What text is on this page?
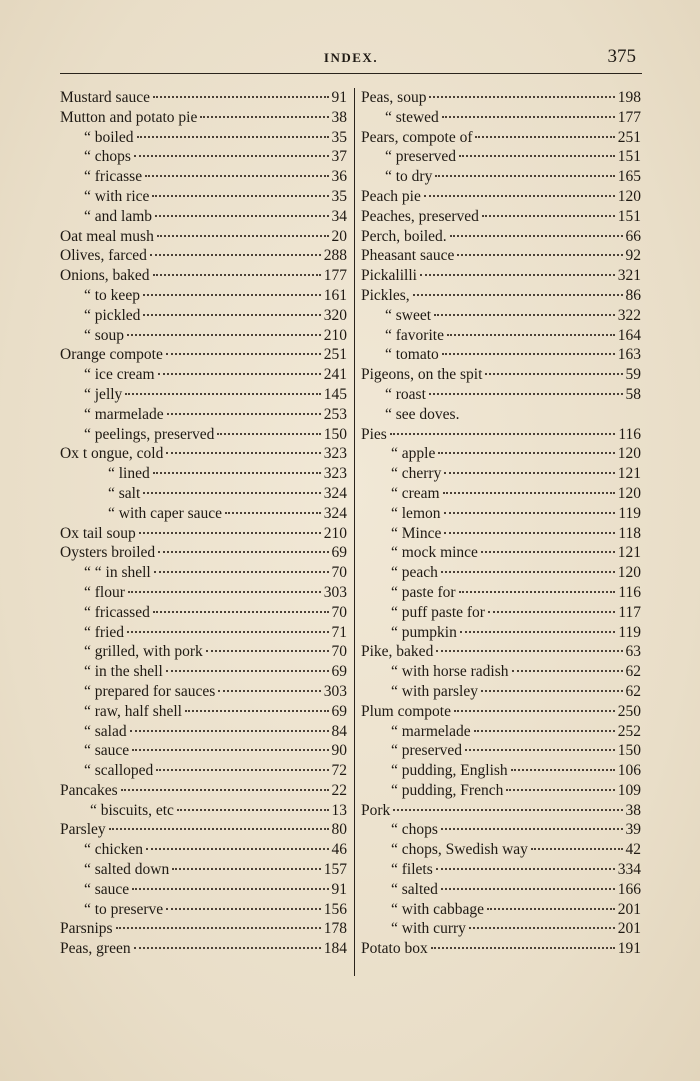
INDEX.	375
Mustard sauce	91
Mutton and potato pie	38
“ boiled	35
“ chops	37
“ fricasse	36
“ with rice	35
“ and lamb	34
Oat meal mush	20
Olives, farced	288
Onions, baked	177
“ to keep	161
“ pickled	320
“ soup	210
Orange compote	251
“ ice cream	241
“ jelly	145
“ marmelade	253
“ peelings, preserved	150
Ox t ongue, cold	323
“ lined	323
“ salt	324
“ with caper sauce	324
Ox tail soup	210
Oysters broiled	69
“ “ in shell	70
“ flour	303
“ fricassed	70
“ fried	71
“ grilled, with pork	70
“ in the shell	69
“ prepared for sauces	303
“ raw, half shell	69
“ salad	84
“ sauce	90
“ scalloped	72
Pancakes	22
“ biscuits, etc	13
Parsley	80
“ chicken	46
“ salted down	157
“ sauce	91
“ to preserve	156
Parsnips	178
Peas, green	184
Peas, soup	198
“ stewed	177
Pears, compote of	251
“ preserved	151
“ to dry	165
Peach pie	120
Peaches, preserved	151
Perch, boiled.	66
Pheasant sauce	92
Pickalilli	321
Pickles,	86
“ sweet	322
“ favorite	164
“ tomato	163
Pigeons, on the spit	59
“ roast	58
“ see doves.
Pies	116
“ apple	120
“ cherry	121
“ cream	120
“ lemon	119
“ Mince	118
“ mock mince	121
“ peach	120
“ paste for	116
“ puff paste for	117
“ pumpkin	119
Pike, baked	63
“ with horse radish	62
“ with parsley	62
Plum compote	250
“ marmelade	252
“ preserved	150
“ pudding, English	106
“ pudding, French	109
Pork	38
“ chops	39
“ chops, Swedish way	42
“ filets	334
“ salted	166
“ with cabbage	201
“ with curry	201
Potato box	191
